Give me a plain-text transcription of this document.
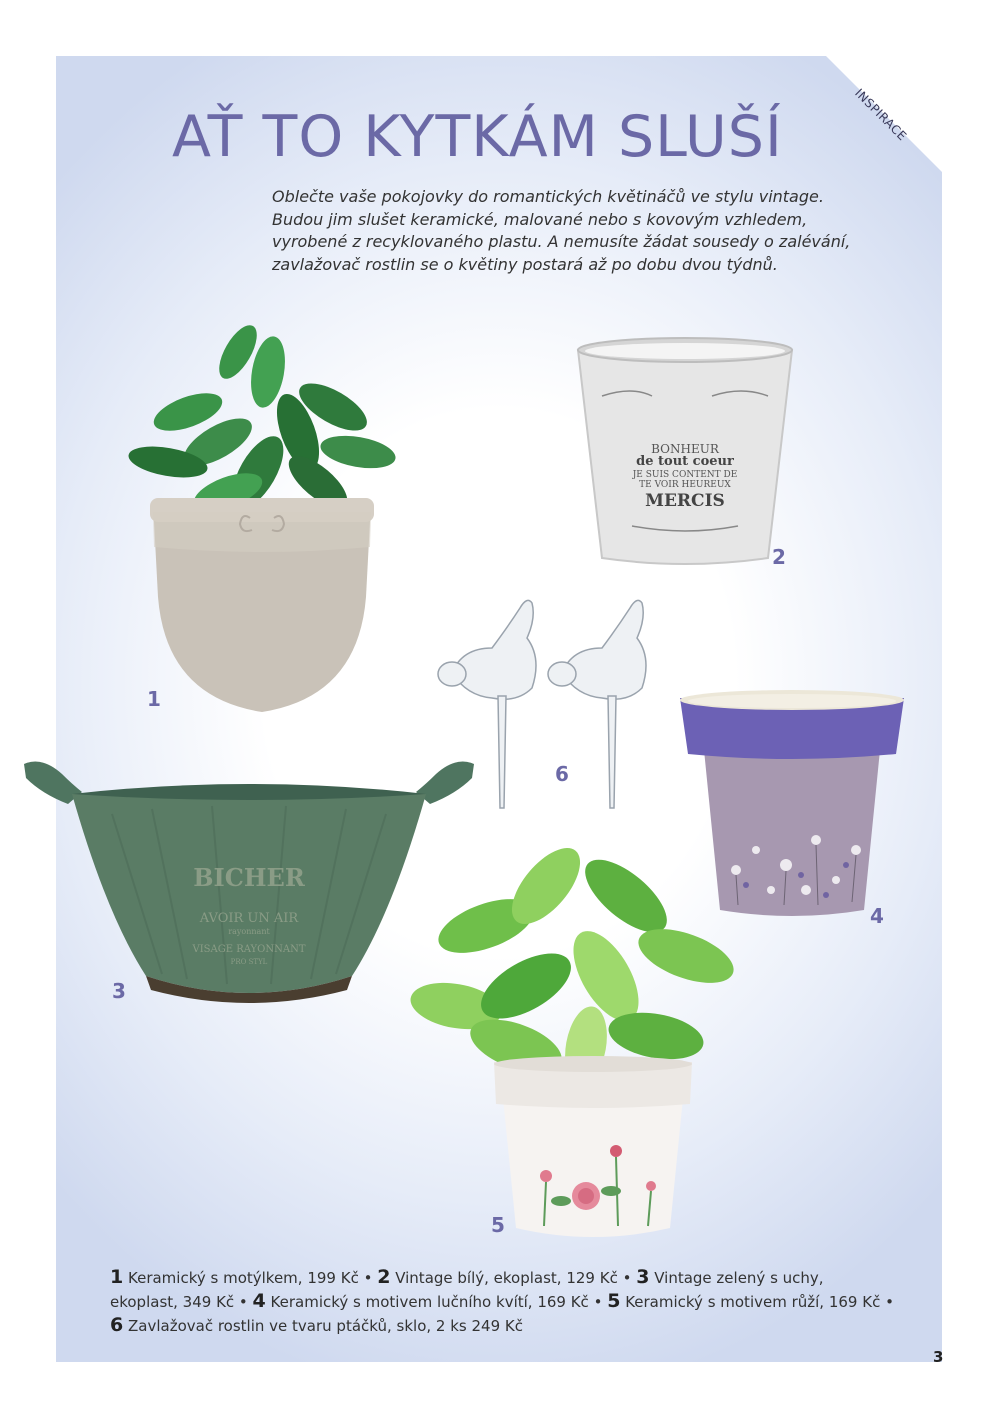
INSPIRACE
AŤ TO KYTKÁM SLUŠÍ
Oblečte vaše pokojovky do romantických květináčů ve stylu vintage.
Budou jim slušet keramické, malované nebo s kovovým vzhledem,
vyrobené z recyklovaného plastu. A nemusíte žádat sousedy o zalévání,
zavlažovač rostlin se o květiny postará až po dobu dvou týdnů.
1
BONHEUR
de tout coeur
JE SUIS CONTENT DE
TE VOIR HEUREUX
MERCIS
2
6
4
BICHER
AVOIR UN AIR
rayonnant
VISAGE RAYONNANT
PRO STYL
3
5
1 Keramický s motýlkem, 199 Kč • 2 Vintage bílý, ekoplast, 129 Kč • 3 Vintage zelený s uchy,
ekoplast, 349 Kč • 4 Keramický s motivem lučního kvítí, 169 Kč • 5 Keramický s motivem růží, 169 Kč •
6 Zavlažovač rostlin ve tvaru ptáčků, sklo, 2 ks 249 Kč
3
